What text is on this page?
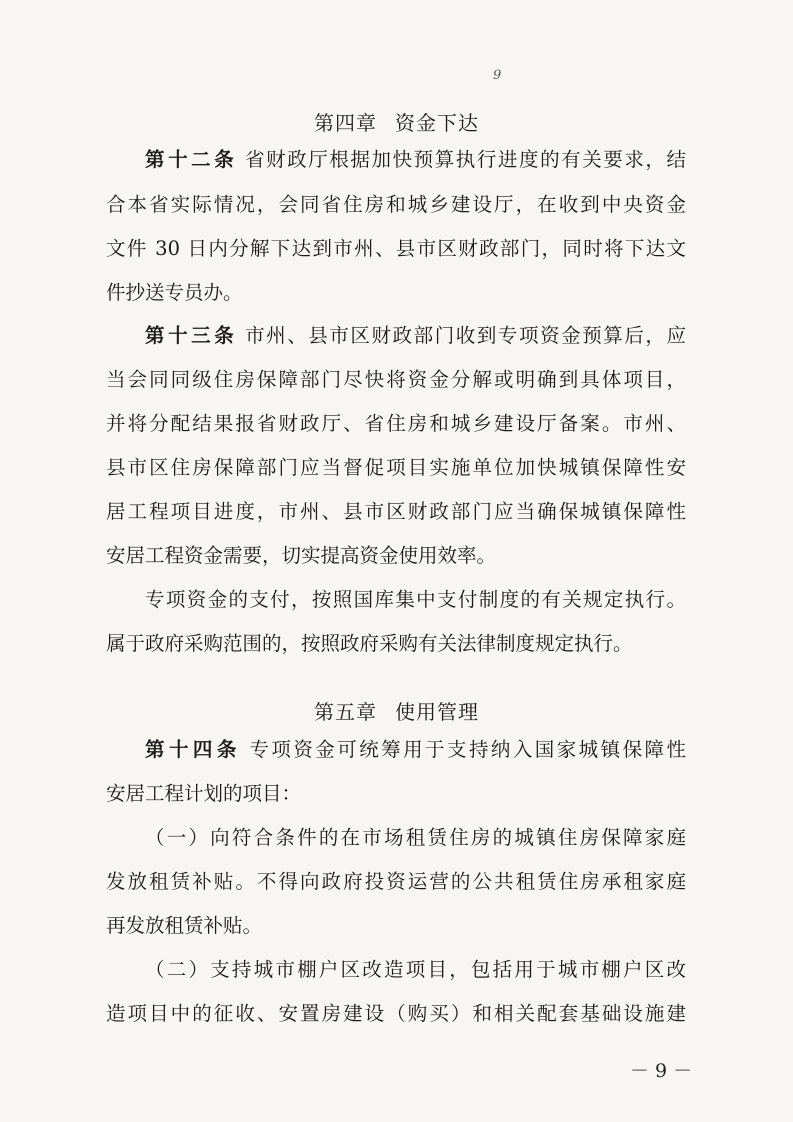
9
第四章 资金下达
第十二条 省财政厅根据加快预算执行进度的有关要求，结
合本省实际情况，会同省住房和城乡建设厅，在收到中央资金
文件 30 日内分解下达到市州、县市区财政部门，同时将下达文
件抄送专员办。
第十三条 市州、县市区财政部门收到专项资金预算后，应
当会同同级住房保障部门尽快将资金分解或明确到具体项目，
并将分配结果报省财政厅、省住房和城乡建设厅备案。市州、
县市区住房保障部门应当督促项目实施单位加快城镇保障性安
居工程项目进度，市州、县市区财政部门应当确保城镇保障性
安居工程资金需要，切实提高资金使用效率。
专项资金的支付，按照国库集中支付制度的有关规定执行。
属于政府采购范围的，按照政府采购有关法律制度规定执行。
第五章 使用管理
第十四条 专项资金可统筹用于支持纳入国家城镇保障性
安居工程计划的项目：
（一）向符合条件的在市场租赁住房的城镇住房保障家庭
发放租赁补贴。不得向政府投资运营的公共租赁住房承租家庭
再发放租赁补贴。
（二）支持城市棚户区改造项目，包括用于城市棚户区改
造项目中的征收、安置房建设（购买）和相关配套基础设施建
－ 9 －
